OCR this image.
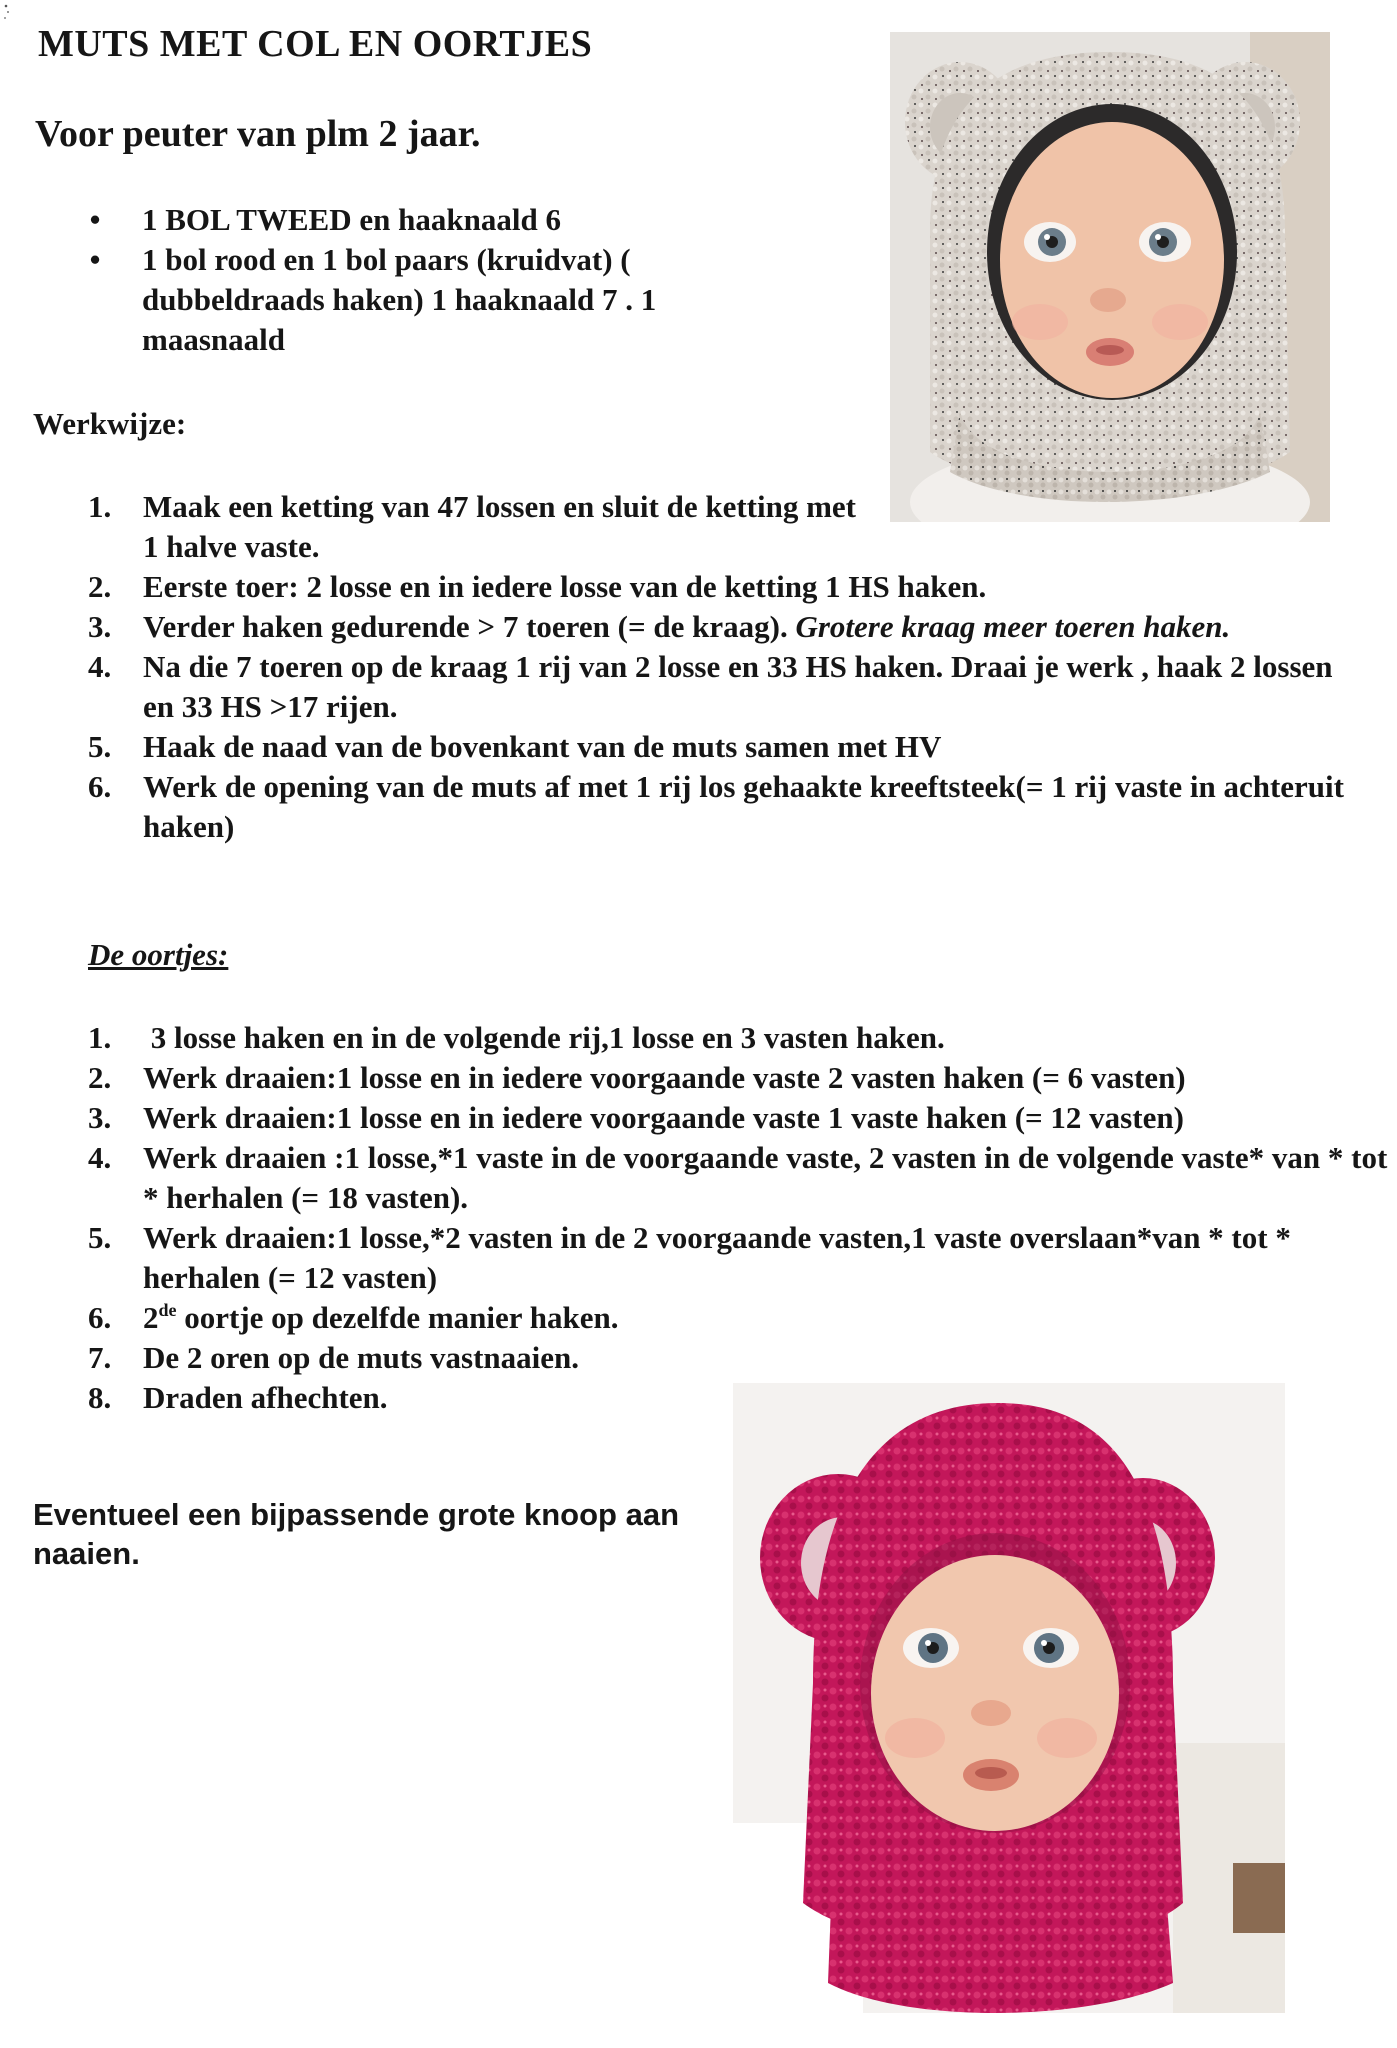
MUTS MET COL EN OORTJES
Voor peuter van plm 2 jaar.
• 1 BOL TWEED en haaknaald 6
• 1 bol rood en 1 bol paars (kruidvat) ( dubbeldraads haken) 1 haaknaald 7 . 1 maasnaald
Werkwijze:
1. Maak een ketting van 47 lossen en sluit de ketting met 1 halve vaste.
2. Eerste toer: 2 losse en in iedere losse van de ketting 1 HS haken.
3. Verder haken gedurende > 7 toeren (= de kraag). Grotere kraag meer toeren haken.
4. Na die 7 toeren op de kraag 1 rij van 2 losse en 33 HS haken. Draai je werk , haak 2 lossen en 33 HS >17 rijen.
5. Haak de naad van de bovenkant van de muts samen met HV
6. Werk de opening van de muts af met 1 rij los gehaakte kreeftsteek(= 1 rij vaste in achteruit haken)
De oortjes:
1. 3 losse haken en in de volgende rij,1 losse en 3 vasten haken.
2. Werk draaien:1 losse en in iedere voorgaande vaste 2 vasten haken (= 6 vasten)
3. Werk draaien:1 losse en in iedere voorgaande vaste 1 vaste haken (= 12 vasten)
4. Werk draaien :1 losse,*1 vaste in de voorgaande vaste, 2 vasten in de volgende vaste* van * tot * herhalen (= 18 vasten).
5. Werk draaien:1 losse,*2 vasten in de 2 voorgaande vasten,1 vaste overslaan*van * tot * herhalen (= 12 vasten)
6. 2de oortje op dezelfde manier haken.
7. De 2 oren op de muts vastnaaien.
8. Draden afhechten.
Eventueel een bijpassende grote knoop aan naaien.
